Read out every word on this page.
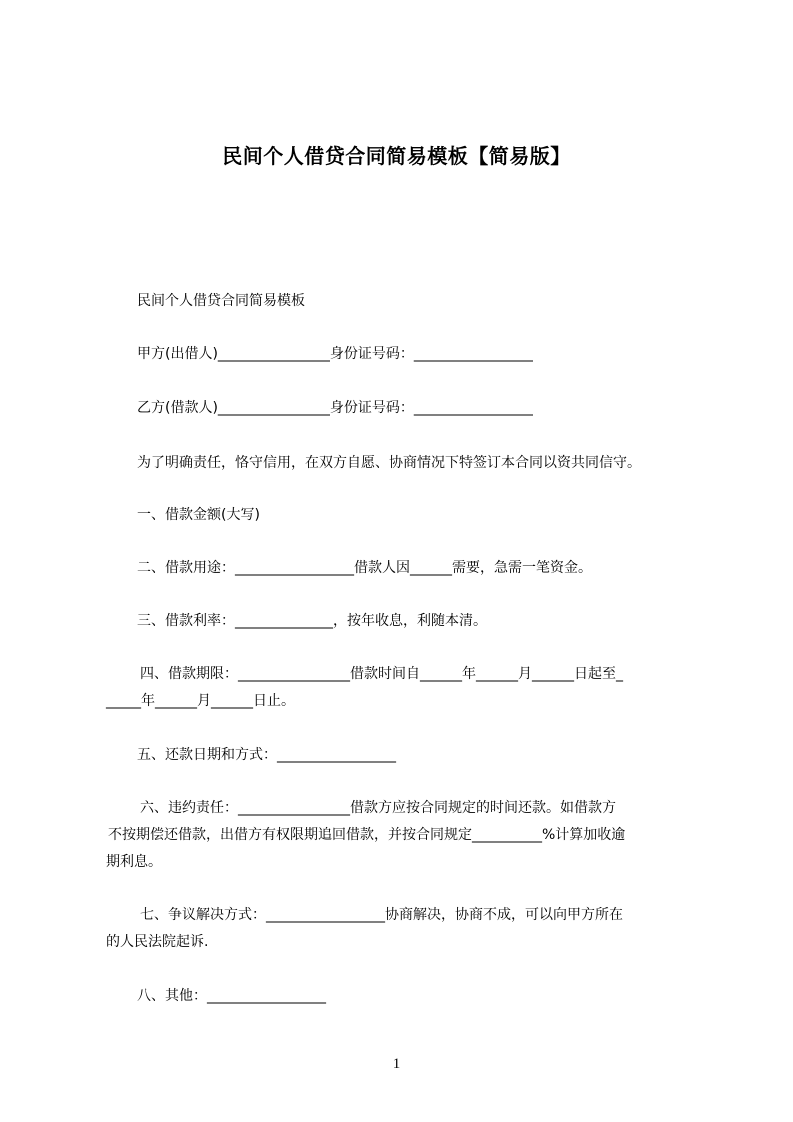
民间个人借贷合同简易模板【简易版】
民间个人借贷合同简易模板
甲方(出借人)________________身份证号码：_________________
乙方(借款人)________________身份证号码：_________________
为了明确责任，恪守信用，在双方自愿、协商情况下特签订本合同以资共同信守。
一、借款金额(大写)
二、借款用途：_________________借款人因______需要，急需一笔资金。
三、借款利率：______________，按年收息，利随本清。
四、借款期限：________________借款时间自______年______月______日起至_
_____年______月______日止。
五、还款日期和方式：_________________
六、违约责任：________________借款方应按合同规定的时间还款。如借款方
不按期偿还借款，出借方有权限期追回借款，并按合同规定__________%计算加收逾
期利息。
七、争议解决方式：_________________协商解决，协商不成，可以向甲方所在
的人民法院起诉.
八、其他：_________________
1
